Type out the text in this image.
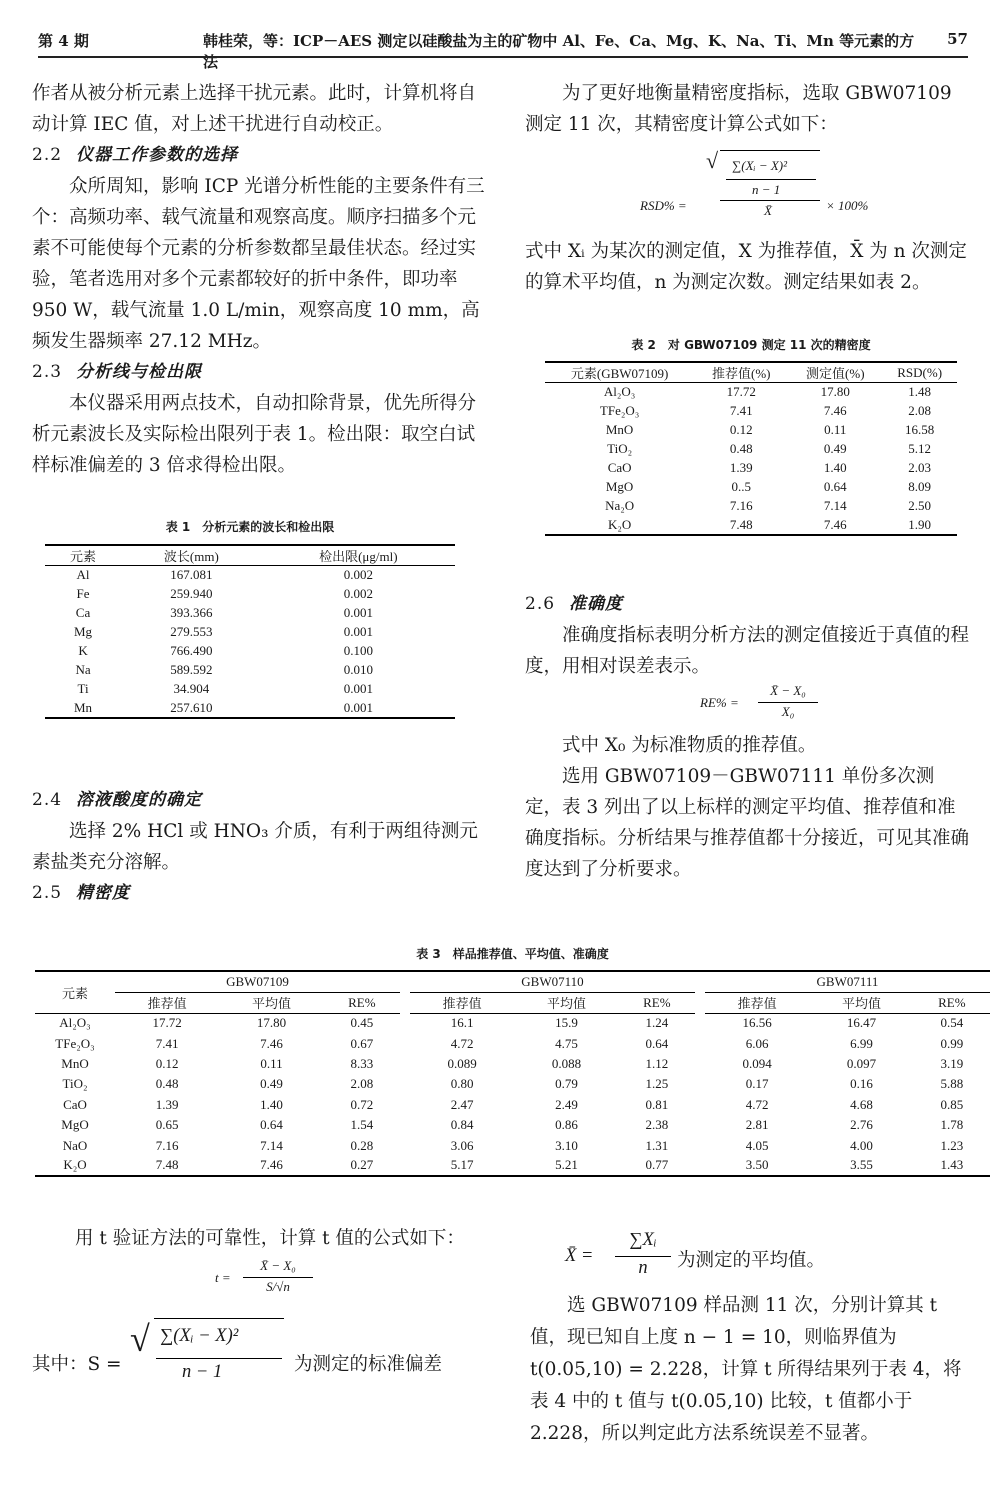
第 4 期	韩桂荣，等：ICP－AES 测定以硅酸盐为主的矿物中 Al、Fe、Ca、Mg、K、Na、Ti、Mn 等元素的方法
57
作者从被分析元素上选择干扰元素。此时，计算机将自动计算 IEC 值，对上述干扰进行自动校正。
2.2 仪器工作参数的选择
众所周知，影响 ICP 光谱分析性能的主要条件有三个：高频功率、载气流量和观察高度。顺序扫描多个元素不可能使每个元素的分析参数都呈最佳状态。经过实验，笔者选用对多个元素都较好的折中条件，即功率 950 W，载气流量 1.0 L/min，观察高度 10 mm，高频发生器频率 27.12 MHz。
2.3 分析线与检出限
本仪器采用两点技术，自动扣除背景，优先所得分析元素波长及实际检出限列于表 1。检出限：取空白试样标准偏差的 3 倍求得检出限。
表 1　分析元素的波长和检出限
元素	波长(mm)	检出限(μg/ml)
Al	167.081	0.002
Fe	259.940	0.002
Ca	393.366	0.001
Mg	279.553	0.001
K	766.490	0.100
Na	589.592	0.010
Ti	34.904	0.001
Mn	257.610	0.001
2.4 溶液酸度的确定
选择 2% HCl 或 HNO₃ 介质，有利于两组待测元素盐类充分溶解。
2.5 精密度
为了更好地衡量精密度指标，选取 GBW07109 测定 11 次，其精密度计算公式如下：
RSD% =
√ ∑(Xᵢ − X)²
n − 1
X̄	× 100%
式中 Xᵢ 为某次的测定值，X 为推荐值，X̄ 为 n 次测定的算术平均值，n 为测定次数。测定结果如表 2。
表 2　对 GBW07109 测定 11 次的精密度
元素(GBW07109)	推荐值(%)	测定值(%)	RSD(%)
Al₂O₃	17.72	17.80	1.48
TFe₂O₃	7.41	7.46	2.08
MnO	0.12	0.11	16.58
TiO₂	0.48	0.49	5.12
CaO	1.39	1.40	2.03
MgO	0..5	0.64	8.09
Na₂O	7.16	7.14	2.50
K₂O	7.48	7.46	1.90
2.6 准确度
准确度指标表明分析方法的测定值接近于真值的程度，用相对误差表示。
RE% =
X̄ − X₀
X₀
式中 X₀ 为标准物质的推荐值。
选用 GBW07109－GBW07111 单份多次测定，表 3 列出了以上标样的测定平均值、推荐值和准确度指标。分析结果与推荐值都十分接近，可见其准确度达到了分析要求。
表 3　样品推荐值、平均值、准确度
元素	GBW07109				GBW07110				GBW07111		
	推荐值	平均值	RE%		推荐值	平均值	RE%		推荐值	平均值	RE%
Al₂O₃	17.72	17.80	0.45		16.1	15.9	1.24		16.56	16.47	0.54
TFe₂O₃	7.41	7.46	0.67		4.72	4.75	0.64		6.06	6.99	0.99
MnO	0.12	0.11	8.33		0.089	0.088	1.12		0.094	0.097	3.19
TiO₂	0.48	0.49	2.08		0.80	0.79	1.25		0.17	0.16	5.88
CaO	1.39	1.40	0.72		2.47	2.49	0.81		4.72	4.68	0.85
MgO	0.65	0.64	1.54		0.84	0.86	2.38		2.81	2.76	1.78
NaO	7.16	7.14	0.28		3.06	3.10	1.31		4.05	4.00	1.23
K₂O	7.48	7.46	0.27		5.17	5.21	0.77		3.50	3.55	1.43
用 t 验证方法的可靠性，计算 t 值的公式如下：
t =
X̄ − X₀
S/√n
其中：S =
√ ∑(Xᵢ − X)²
n − 1	为测定的标准偏差
X̄ =
∑Xᵢ
n	为测定的平均值。
选 GBW07109 样品测 11 次，分别计算其 t 值，现已知自上度 n − 1 = 10，则临界值为 t(0.05,10) = 2.228，计算 t 所得结果列于表 4，将表 4 中的 t 值与 t(0.05,10) 比较，t 值都小于 2.228，所以判定此方法系统误差不显著。
